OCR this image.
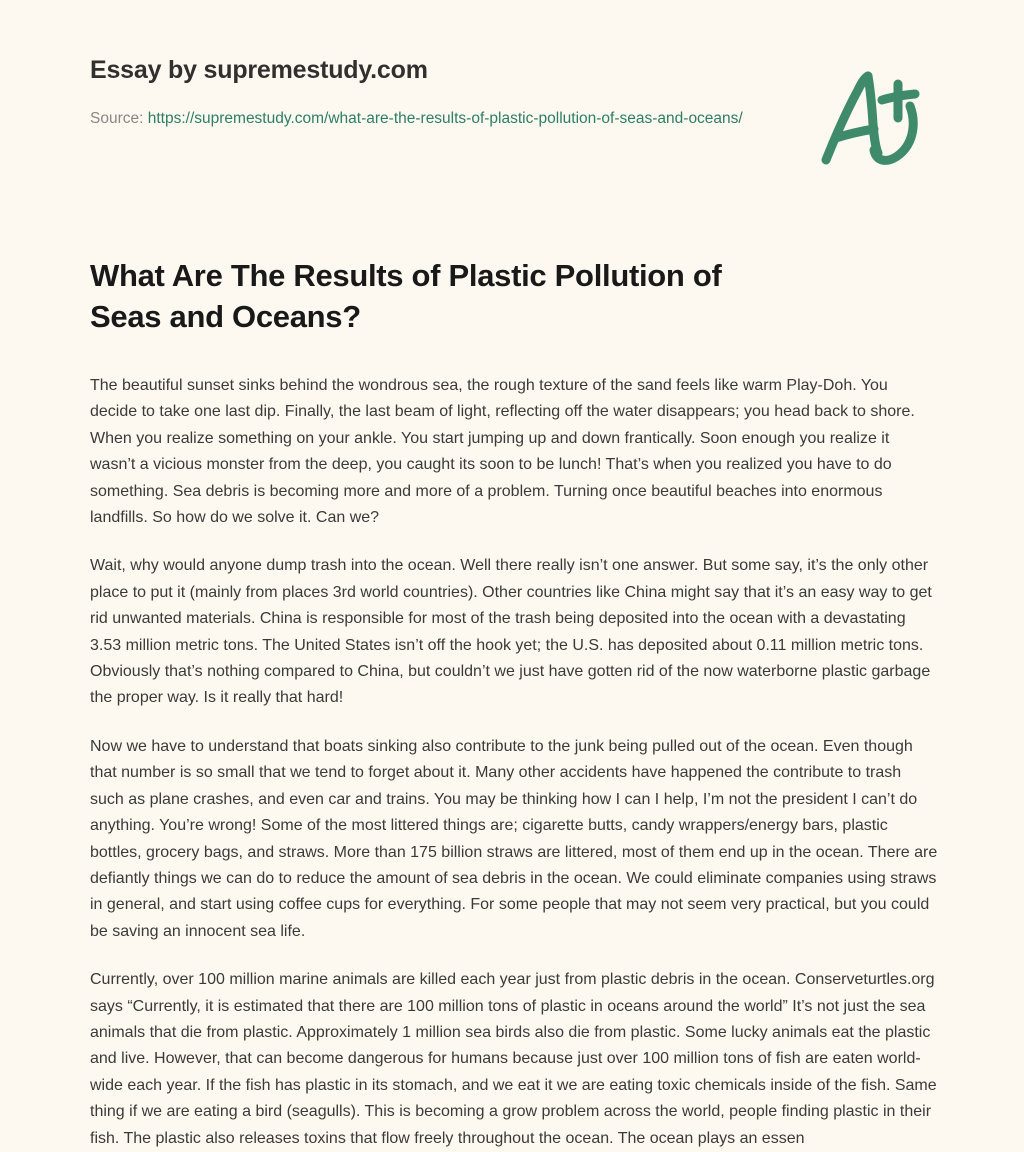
Essay by supremestudy.com
Source: https://supremestudy.com/what-are-the-results-of-plastic-pollution-of-seas-and-oceans/
What Are The Results of Plastic Pollution of Seas and Oceans?

The beautiful sunset sinks behind the wondrous sea, the rough texture of the sand feels like warm Play-Doh. You decide to take one last dip. Finally, the last beam of light, reflecting off the water disappears; you head back to shore. When you realize something on your ankle. You start jumping up and down frantically. Soon enough you realize it wasn’t a vicious monster from the deep, you caught its soon to be lunch! That’s when you realized you have to do something. Sea debris is becoming more and more of a problem. Turning once beautiful beaches into enormous landfills. So how do we solve it. Can we?

Wait, why would anyone dump trash into the ocean. Well there really isn’t one answer. But some say, it’s the only other place to put it (mainly from places 3rd world countries). Other countries like China might say that it’s an easy way to get rid unwanted materials. China is responsible for most of the trash being deposited into the ocean with a devastating 3.53 million metric tons. The United States isn’t off the hook yet; the U.S. has deposited about 0.11 million metric tons. Obviously that’s nothing compared to China, but couldn’t we just have gotten rid of the now waterborne plastic garbage the proper way. Is it really that hard!

Now we have to understand that boats sinking also contribute to the junk being pulled out of the ocean. Even though that number is so small that we tend to forget about it. Many other accidents have happened the contribute to trash such as plane crashes, and even car and trains. You may be thinking how I can I help, I’m not the president I can’t do anything. You’re wrong! Some of the most littered things are; cigarette butts, candy wrappers/energy bars, plastic bottles, grocery bags, and straws. More than 175 billion straws are littered, most of them end up in the ocean. There are defiantly things we can do to reduce the amount of sea debris in the ocean. We could eliminate companies using straws in general, and start using coffee cups for everything. For some people that may not seem very practical, but you could be saving an innocent sea life.

Currently, over 100 million marine animals are killed each year just from plastic debris in the ocean. Conserveturtles.org says “Currently, it is estimated that there are 100 million tons of plastic in oceans around the world” It’s not just the sea animals that die from plastic. Approximately 1 million sea birds also die from plastic. Some lucky animals eat the plastic and live. However, that can become dangerous for humans because just over 100 million tons of fish are eaten world-wide each year. If the fish has plastic in its stomach, and we eat it we are eating toxic chemicals inside of the fish. Same thing if we are eating a bird (seagulls). This is becoming a grow problem across the world, people finding plastic in their fish. The plastic also releases toxins that flow freely throughout the ocean. The ocean plays an essen
